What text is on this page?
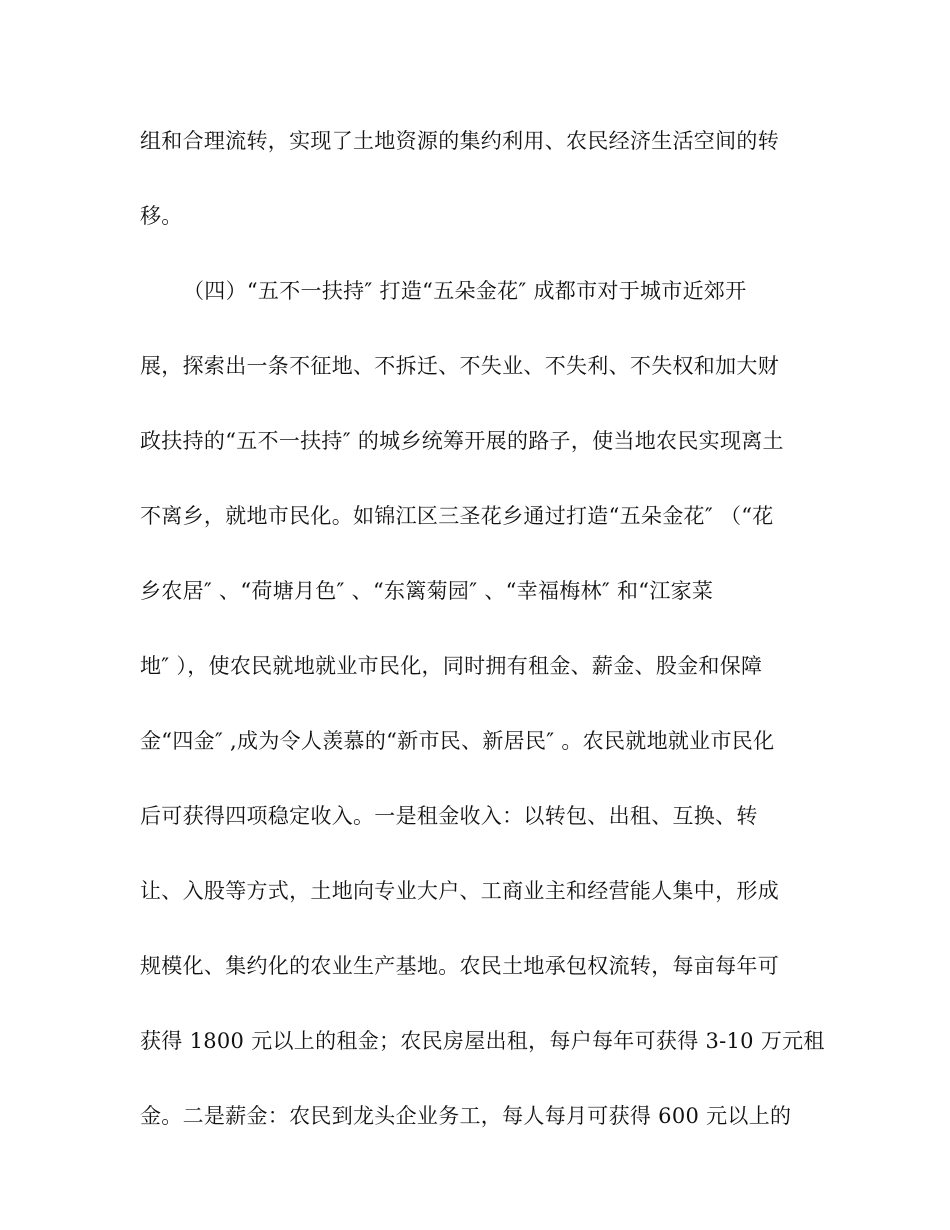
组和合理流转，实现了土地资源的集约利用、农民经济生活空间的转
移。
（四）“五不一扶持″ 打造“五朵金花″ 成都市对于城市近郊开
展，探索出一条不征地、不拆迁、不失业、不失利、不失权和加大财
政扶持的“五不一扶持″ 的城乡统筹开展的路子，使当地农民实现离土
不离乡，就地市民化。如锦江区三圣花乡通过打造“五朵金花″ （“花
乡农居″ 、“荷塘月色″ 、“东篱菊园″ 、“幸福梅林″ 和“江家菜
地″ ），使农民就地就业市民化，同时拥有租金、薪金、股金和保障
金“四金″ ,成为令人羡慕的“新市民、新居民″ 。农民就地就业市民化
后可获得四项稳定收入。一是租金收入：以转包、出租、互换、转
让、入股等方式，土地向专业大户、工商业主和经营能人集中，形成
规模化、集约化的农业生产基地。农民土地承包权流转，每亩每年可
获得 1800 元以上的租金；农民房屋出租，每户每年可获得 3-10 万元租
金。二是薪金：农民到龙头企业务工，每人每月可获得 600 元以上的
